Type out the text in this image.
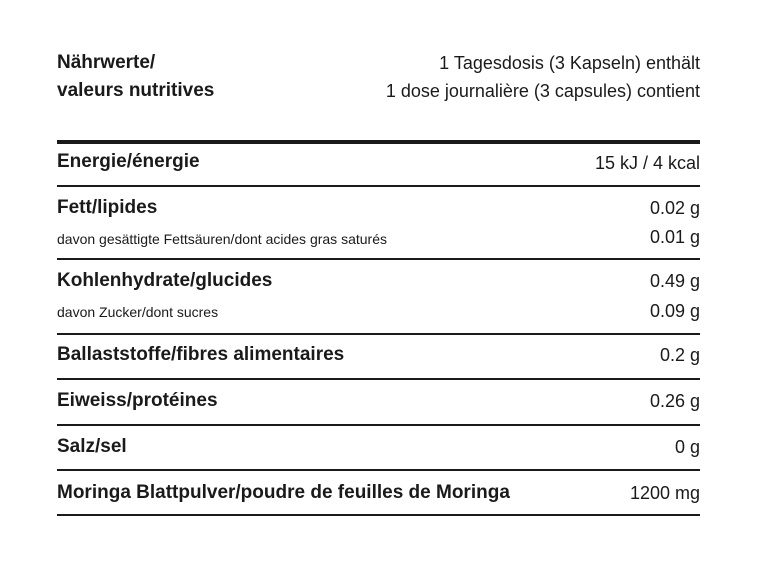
Nährwerte/
valeurs nutritives
1 Tagesdosis (3 Kapseln) enthält
1 dose journalière (3 capsules) contient
Energie/énergie	15 kJ / 4 kcal
Fett/lipides	0.02 g
davon gesättigte Fettsäuren/dont acides gras saturés	0.01 g
Kohlenhydrate/glucides	0.49 g
davon Zucker/dont sucres	0.09 g
Ballaststoffe/fibres alimentaires	0.2 g
Eiweiss/protéines	0.26 g
Salz/sel	0 g
Moringa Blattpulver/poudre de feuilles de Moringa	1200 mg
